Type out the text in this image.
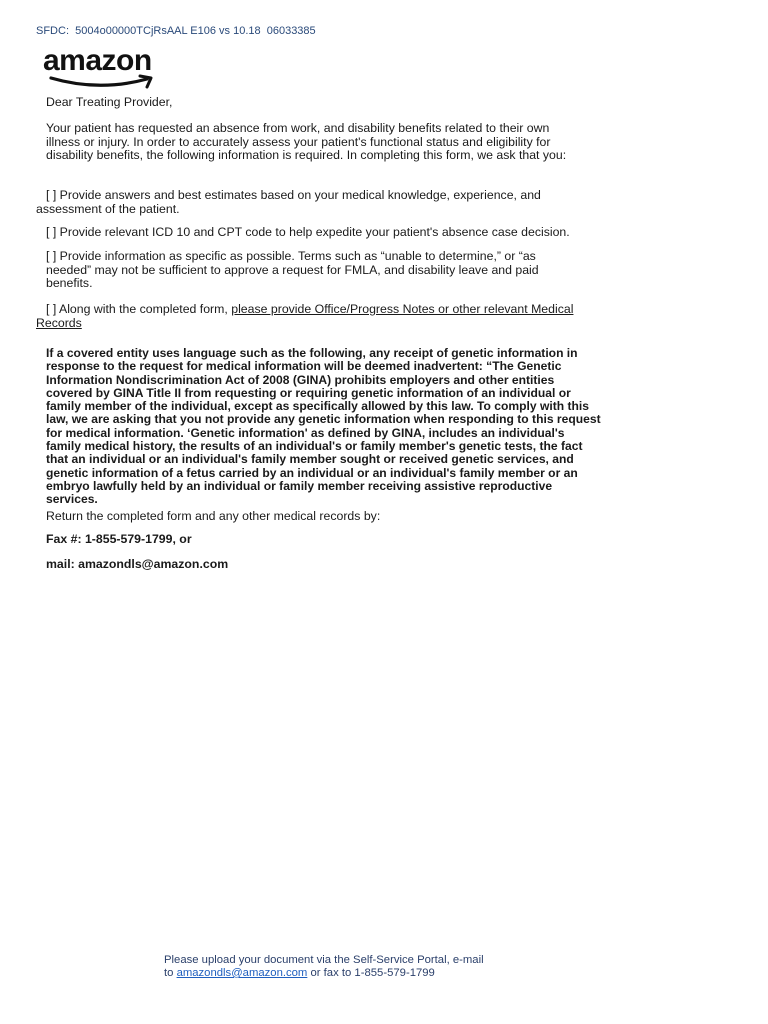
SFDC:  5004o00000TCjRsAAL E106 vs 10.18  06033385
amazon
Dear Treating Provider,
Your patient has requested an absence from work, and disability benefits related to their own illness or injury. In order to accurately assess your patient's functional status and eligibility for disability benefits, the following information is required. In completing this form, we ask that you:
[ ] Provide answers and best estimates based on your medical knowledge, experience, and assessment of the patient.
[ ] Provide relevant ICD 10 and CPT code to help expedite your patient's absence case decision.
[ ] Provide information as specific as possible. Terms such as “unable to determine,” or “as needed” may not be sufficient to approve a request for FMLA, and disability leave and paid benefits.
[ ] Along with the completed form, please provide Office/Progress Notes or other relevant Medical Records
If a covered entity uses language such as the following, any receipt of genetic information in response to the request for medical information will be deemed inadvertent: “The Genetic Information Nondiscrimination Act of 2008 (GINA) prohibits employers and other entities covered by GINA Title II from requesting or requiring genetic information of an individual or family member of the individual, except as specifically allowed by this law. To comply with this law, we are asking that you not provide any genetic information when responding to this request for medical information. ‘Genetic information' as defined by GINA, includes an individual's family medical history, the results of an individual's or family member's genetic tests, the fact that an individual or an individual's family member sought or received genetic services, and genetic information of a fetus carried by an individual or an individual's family member or an embryo lawfully held by an individual or family member receiving assistive reproductive services.
Return the completed form and any other medical records by:
Fax #: 1-855-579-1799, or
mail: amazondls@amazon.com
Please upload your document via the Self-Service Portal, e-mail to amazondls@amazon.com or fax to 1-855-579-1799
